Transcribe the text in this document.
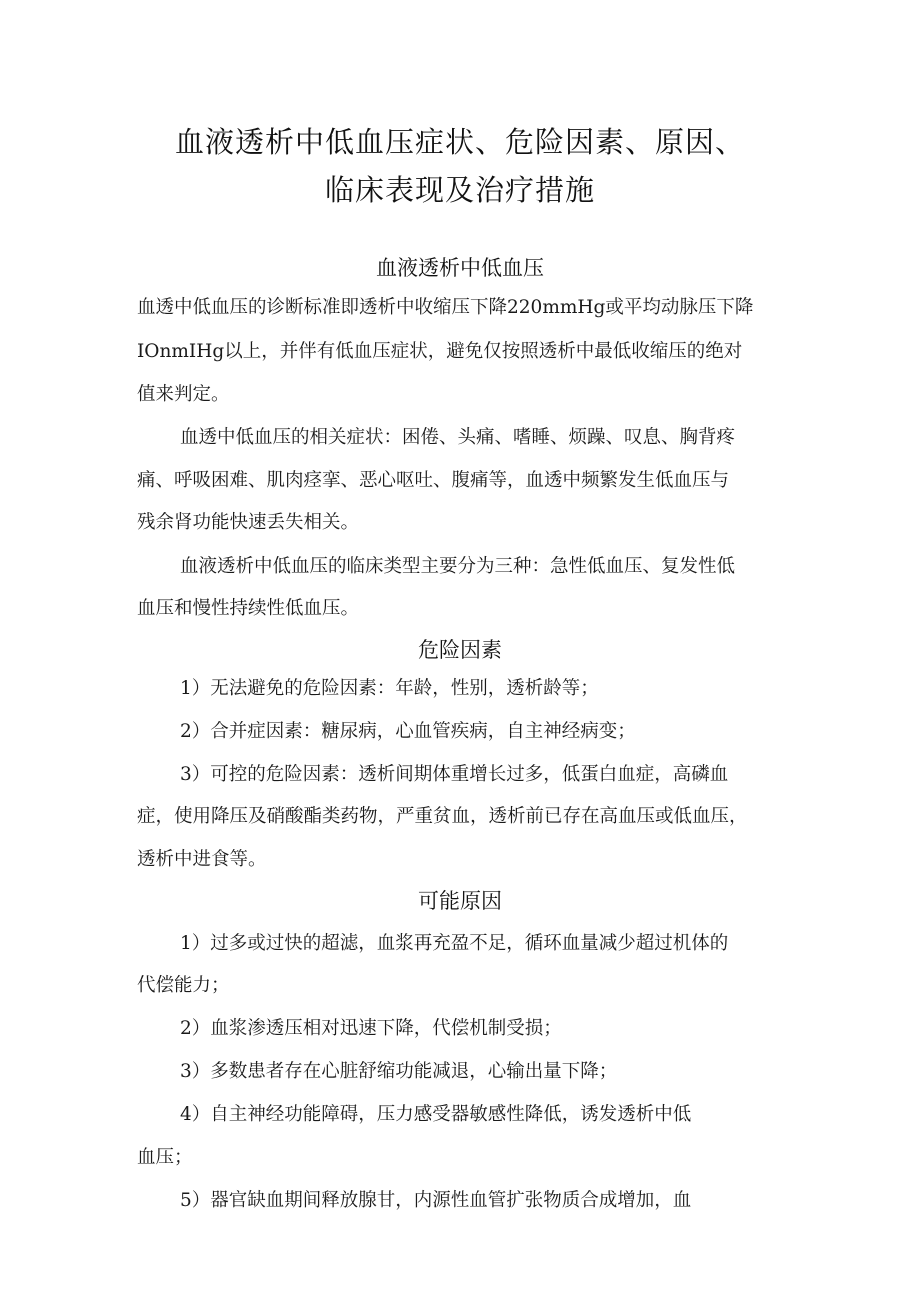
血液透析中低血压症状、危险因素、原因、
临床表现及治疗措施
血液透析中低血压

血透中低血压的诊断标准即透析中收缩压下降220mmHg或平均动脉压下降

IOnmIHg以上，并伴有低血压症状，避免仅按照透析中最低收缩压的绝对

值来判定。

血透中低血压的相关症状：困倦、头痛、嗜睡、烦躁、叹息、胸背疼

痛、呼吸困难、肌肉痉挛、恶心呕吐、腹痛等，血透中频繁发生低血压与

残余肾功能快速丢失相关。

血液透析中低血压的临床类型主要分为三种：急性低血压、复发性低

血压和慢性持续性低血压。

危险因素

1）无法避免的危险因素：年龄，性别，透析龄等；

2）合并症因素：糖尿病，心血管疾病，自主神经病变；

3）可控的危险因素：透析间期体重增长过多，低蛋白血症，高磷血

症，使用降压及硝酸酯类药物，严重贫血，透析前已存在高血压或低血压，

透析中进食等。

可能原因

1）过多或过快的超滤，血浆再充盈不足，循环血量减少超过机体的

代偿能力；

2）血浆渗透压相对迅速下降，代偿机制受损；

3）多数患者存在心脏舒缩功能减退，心输出量下降；

4）自主神经功能障碍，压力感受器敏感性降低，诱发透析中低

血压；

5）器官缺血期间释放腺甘，内源性血管扩张物质合成增加，血
